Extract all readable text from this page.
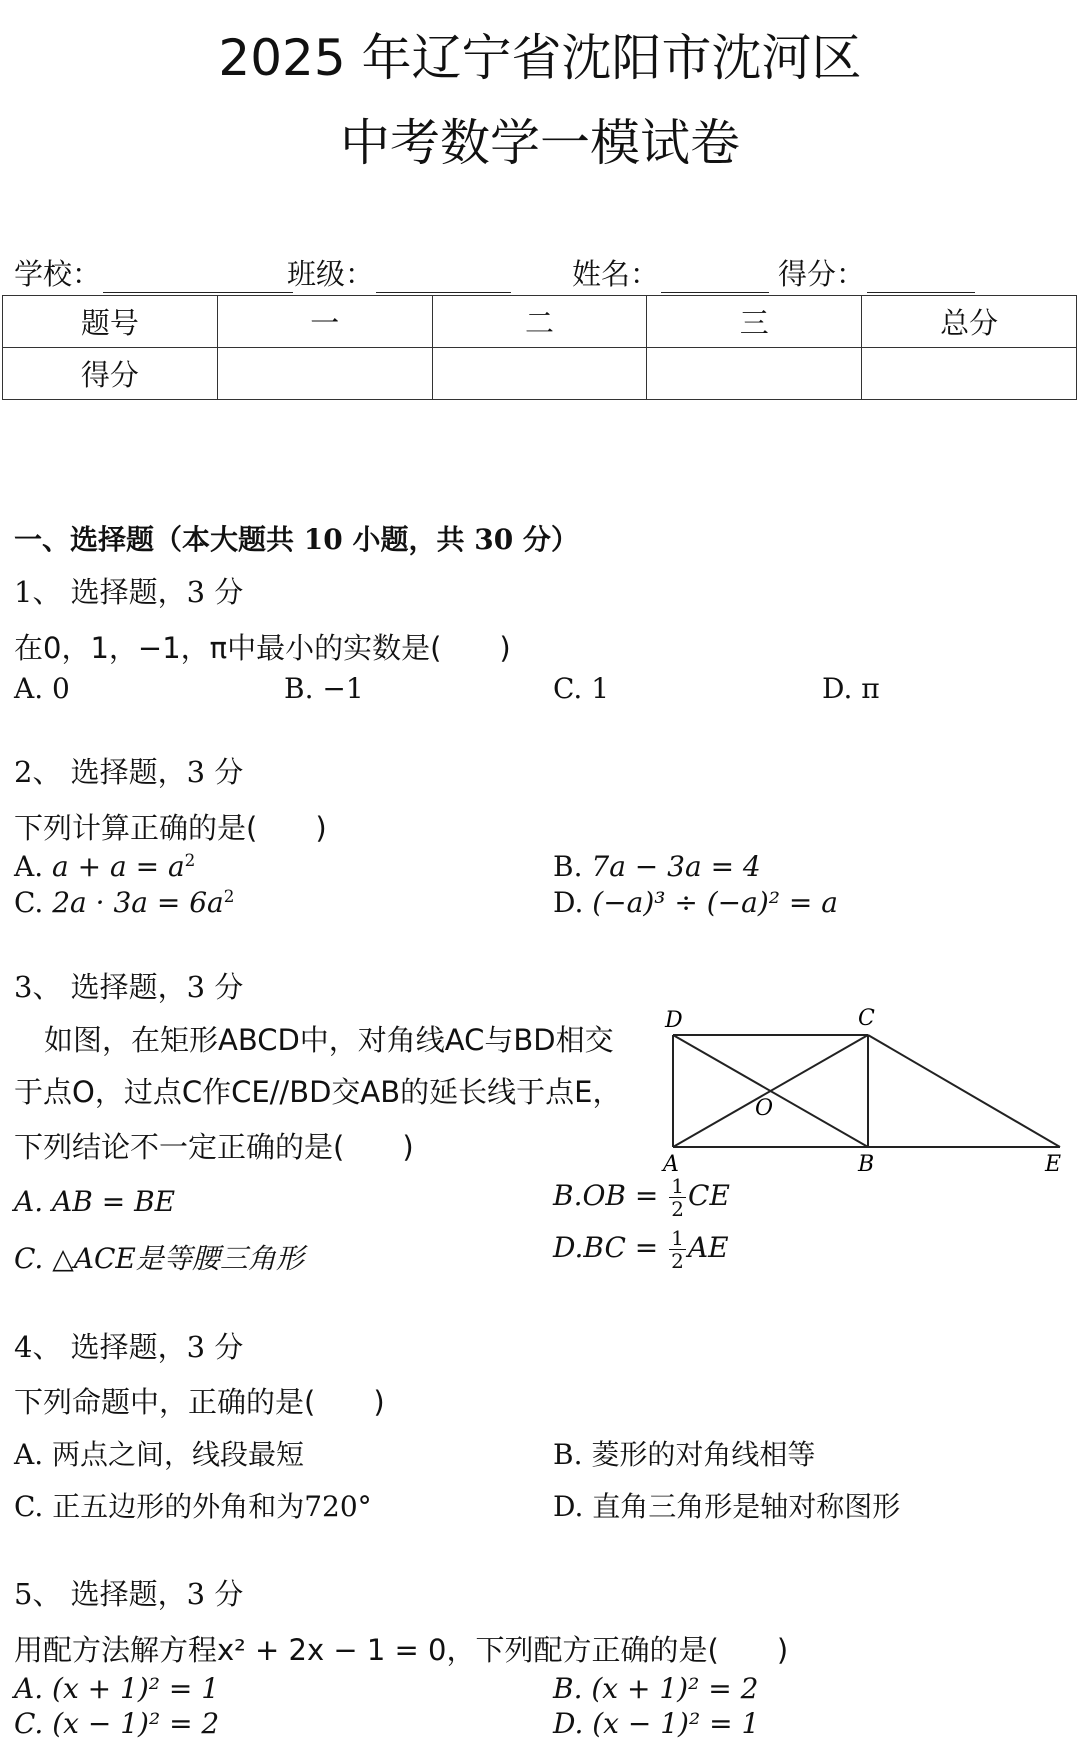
2025 年辽宁省沈阳市沈河区
中考数学一模试卷
学校：	班级：	姓名：	得分：
题号	一	二	三	总分
得分				
一、选择题（本大题共 10 小题，共 30 分）
1、 选择题，3 分
在0，1，−1，π中最小的实数是(　　)
A. 0	B. −1	C. 1	D. π
2、 选择题，3 分
下列计算正确的是(　　)
A. $a + a = a^2$	B. 7a − 3a = 4
C. $2a \cdot 3a = 6a^2$	D. (−a)³ ÷ (−a)² = a
3、 选择题，3 分
如图，在矩形ABCD中，对角线AC与BD相交
于点O，过点C作CE//BD交AB的延长线于点E，
下列结论不一定正确的是(　　)
D	C
A	B	E
O
A. AB = BE	$B.OB = \frac{1}{2}$ CE
C. △ACE是等腰三角形	$D.BC = \frac{1}{2}$ AE
4、 选择题，3 分
下列命题中，正确的是(　　)
A. 两点之间，线段最短	B. 菱形的对角线相等
C. 正五边形的外角和为720°	D. 直角三角形是轴对称图形
5、 选择题，3 分
用配方法解方程x² + 2x − 1 = 0，下列配方正确的是(　　)
A. (x + 1)² = 1	B. (x + 1)² = 2
C. (x − 1)² = 2	D. (x − 1)² = 1
